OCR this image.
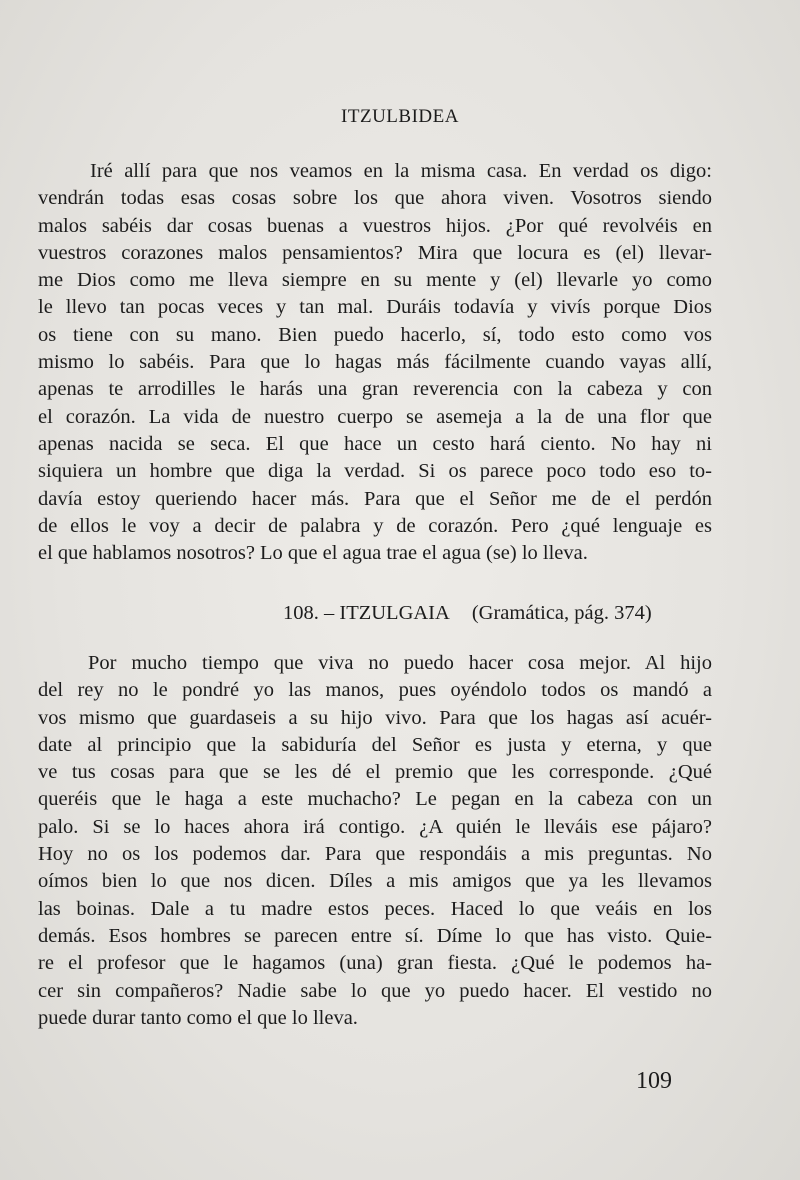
ITZULBIDEA
Iré allí para que nos veamos en la misma casa. En verdad os digo:
vendrán todas esas cosas sobre los que ahora viven. Vosotros siendo
malos sabéis dar cosas buenas a vuestros hijos. ¿Por qué revolvéis en
vuestros corazones malos pensamientos? Mira que locura es (el) llevar-
me Dios como me lleva siempre en su mente y (el) llevarle yo como
le llevo tan pocas veces y tan mal. Duráis todavía y vivís porque Dios
os tiene con su mano. Bien puedo hacerlo, sí, todo esto como vos
mismo lo sabéis. Para que lo hagas más fácilmente cuando vayas allí,
apenas te arrodilles le harás una gran reverencia con la cabeza y con
el corazón. La vida de nuestro cuerpo se asemeja a la de una flor que
apenas nacida se seca. El que hace un cesto hará ciento. No hay ni
siquiera un hombre que diga la verdad. Si os parece poco todo eso to-
davía estoy queriendo hacer más. Para que el Señor me de el perdón
de ellos le voy a decir de palabra y de corazón. Pero ¿qué lenguaje es
el que hablamos nosotros? Lo que el agua trae el agua (se) lo lleva.
108. – ITZULGAIA (Gramática, pág. 374)
Por mucho tiempo que viva no puedo hacer cosa mejor. Al hijo
del rey no le pondré yo las manos, pues oyéndolo todos os mandó a
vos mismo que guardaseis a su hijo vivo. Para que los hagas así acuér-
date al principio que la sabiduría del Señor es justa y eterna, y que
ve tus cosas para que se les dé el premio que les corresponde. ¿Qué
queréis que le haga a este muchacho? Le pegan en la cabeza con un
palo. Si se lo haces ahora irá contigo. ¿A quién le lleváis ese pájaro?
Hoy no os los podemos dar. Para que respondáis a mis preguntas. No
oímos bien lo que nos dicen. Díles a mis amigos que ya les llevamos
las boinas. Dale a tu madre estos peces. Haced lo que veáis en los
demás. Esos hombres se parecen entre sí. Díme lo que has visto. Quie-
re el profesor que le hagamos (una) gran fiesta. ¿Qué le podemos ha-
cer sin compañeros? Nadie sabe lo que yo puedo hacer. El vestido no
puede durar tanto como el que lo lleva.
109
